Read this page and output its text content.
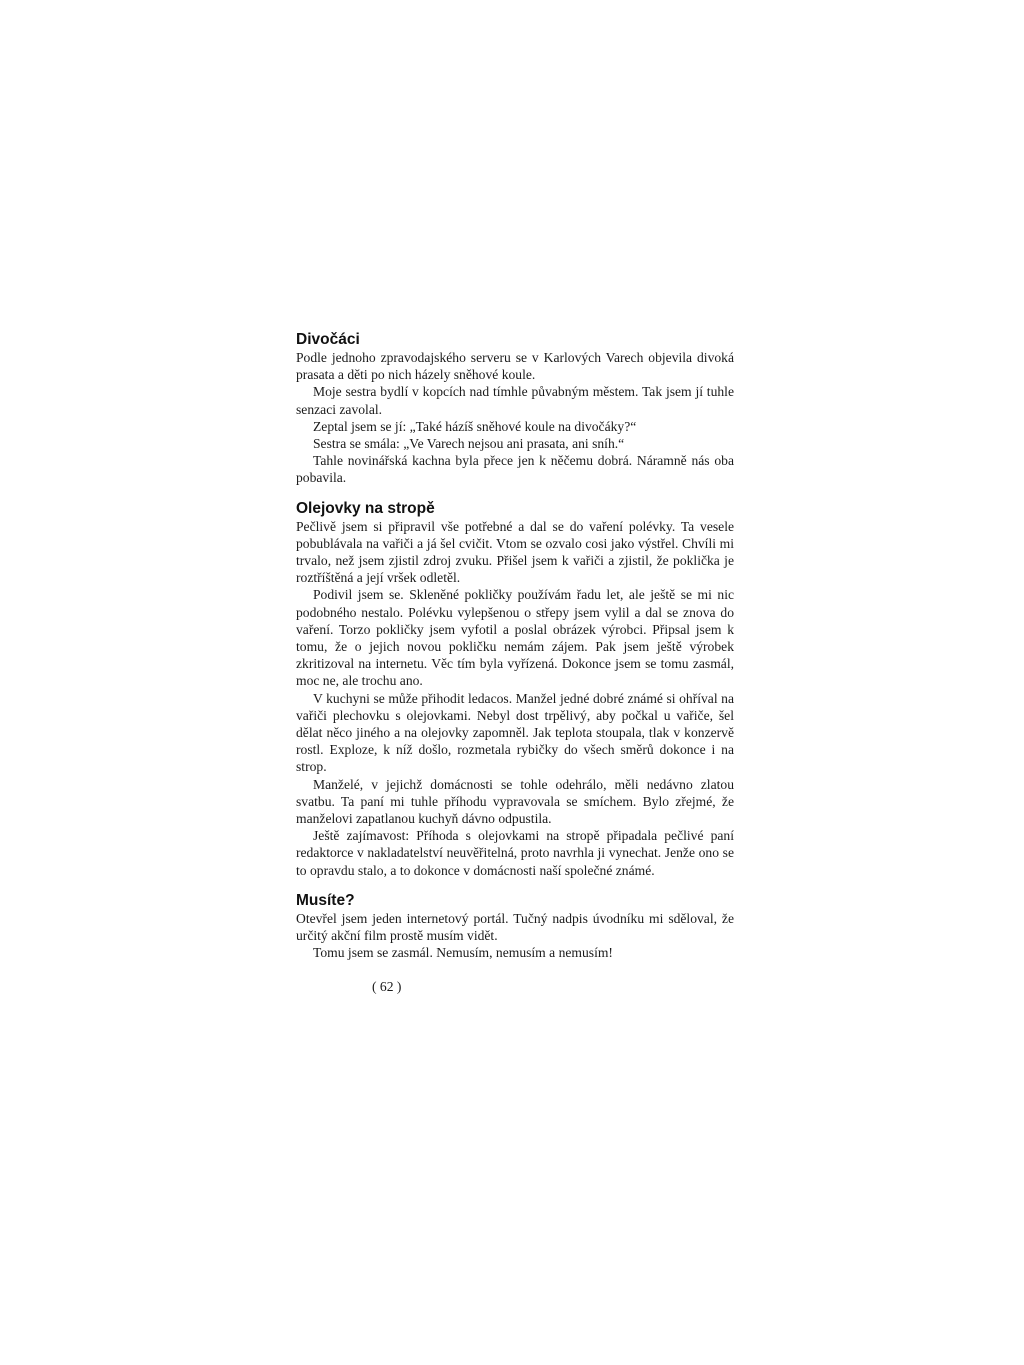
Divočáci

Podle jednoho zpravodajského serveru se v Karlových Varech objevila divoká prasata a děti po nich házely sněhové koule.

Moje sestra bydlí v kopcích nad tímhle půvabným městem. Tak jsem jí tuhle senzaci zavolal.

Zeptal jsem se jí: „Také házíš sněhové koule na divočáky?“

Sestra se smála: „Ve Varech nejsou ani prasata, ani sníh.“

Tahle novinářská kachna byla přece jen k něčemu dobrá. Náramně nás oba pobavila.

Olejovky na stropě

Pečlivě jsem si připravil vše potřebné a dal se do vaření polévky. Ta vesele pobublávala na vařiči a já šel cvičit. Vtom se ozvalo cosi jako výstřel. Chvíli mi trvalo, než jsem zjistil zdroj zvuku. Přišel jsem k vařiči a zjistil, že poklička je roztříštěná a její vršek odletěl.

Podivil jsem se. Skleněné pokličky používám řadu let, ale ještě se mi nic podobného nestalo. Polévku vylepšenou o střepy jsem vylil a dal se znova do vaření. Torzo pokličky jsem vyfotil a poslal obrázek výrobci. Připsal jsem k tomu, že o jejich novou pokličku nemám zájem. Pak jsem ještě výrobek zkritizoval na internetu. Věc tím byla vyřízená. Dokonce jsem se tomu zasmál, moc ne, ale trochu ano.

V kuchyni se může přihodit ledacos. Manžel jedné dobré známé si ohříval na vařiči plechovku s olejovkami. Nebyl dost trpělivý, aby počkal u vařiče, šel dělat něco jiného a na olejovky zapomněl. Jak teplota stoupala, tlak v konzervě rostl. Exploze, k níž došlo, rozmetala rybičky do všech směrů dokonce i na strop.

Manželé, v jejichž domácnosti se tohle odehrálo, měli nedávno zlatou svatbu. Ta paní mi tuhle příhodu vypravovala se smíchem. Bylo zřejmé, že manželovi zapatlanou kuchyň dávno odpustila.

Ještě zajímavost: Příhoda s olejovkami na stropě připadala pečlivé paní redaktorce v nakladatelství neuvěřitelná, proto navrhla ji vynechat. Jenže ono se to opravdu stalo, a to dokonce v domácnosti naší společné známé.

Musíte?

Otevřel jsem jeden internetový portál. Tučný nadpis úvodníku mi sděloval, že určitý akční film prostě musím vidět.

Tomu jsem se zasmál. Nemusím, nemusím a nemusím!

( 62 )
